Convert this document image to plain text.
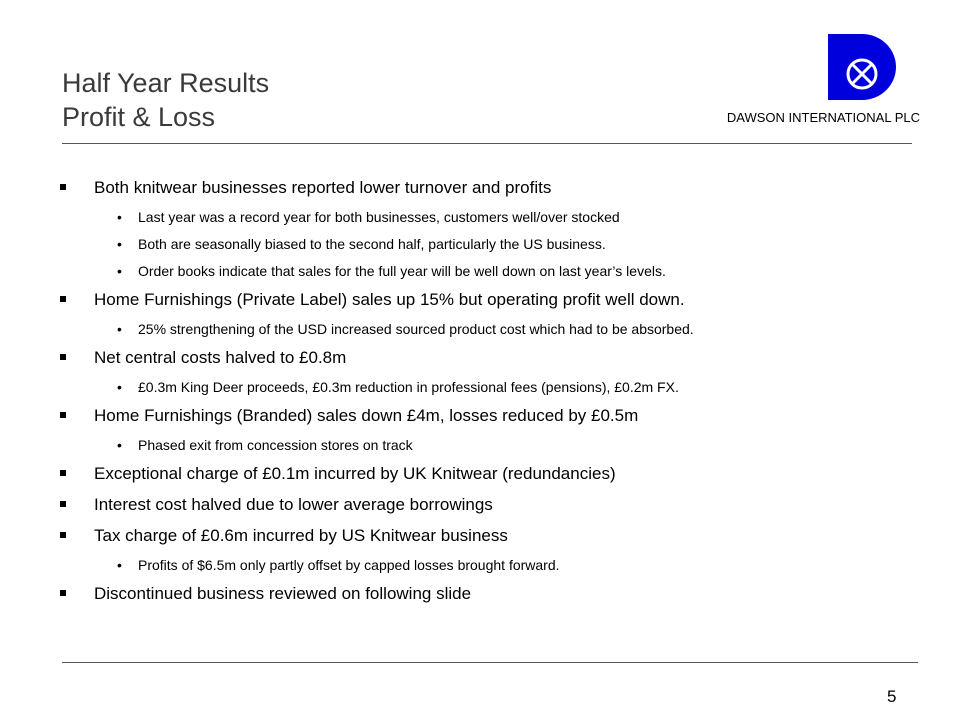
Half Year Results
Profit & Loss	DAWSON INTERNATIONAL PLC
Both knitwear businesses reported lower turnover and profits
• Last year was a record year for both businesses, customers well/over stocked
• Both are seasonally biased to the second half, particularly the US business.
• Order books indicate that sales for the full year will be well down on last year’s levels.
Home Furnishings (Private Label) sales up 15% but operating profit well down.
• 25% strengthening of the USD increased sourced product cost which had to be absorbed.
Net central costs halved to £0.8m
• £0.3m King Deer proceeds, £0.3m reduction in professional fees (pensions), £0.2m FX.
Home Furnishings (Branded) sales down £4m, losses reduced by £0.5m
• Phased exit from concession stores on track
Exceptional charge of £0.1m incurred by UK Knitwear (redundancies)
Interest cost halved due to lower average borrowings
Tax charge of £0.6m incurred by US Knitwear business
• Profits of $6.5m only partly offset by capped losses brought forward.
Discontinued business reviewed on following slide
5
